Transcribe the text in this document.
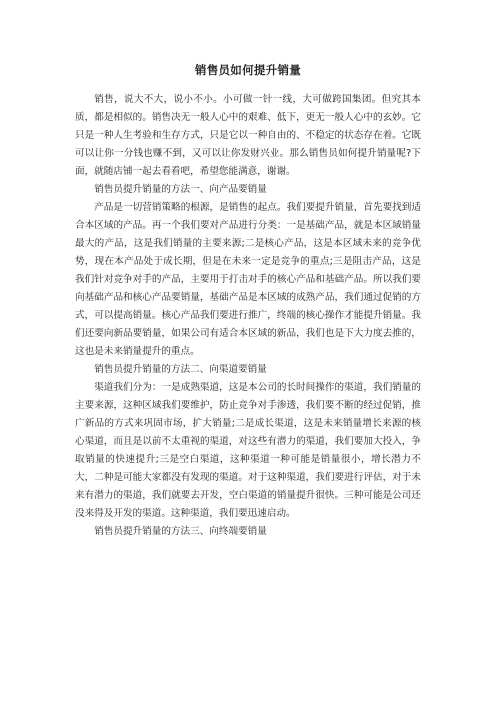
销售员如何提升销量

销售，说大不大，说小不小。小可做一针一线，大可做跨国集团。但究其本质，都是相似的。销售决无一般人心中的艰难、低下，更无一般人心中的玄妙。它只是一种人生考验和生存方式，只是它以一种自由的、不稳定的状态存在着。它既可以让你一分钱也赚不到，又可以让你发财兴业。那么销售员如何提升销量呢?下面，就随店铺一起去看看吧，希望您能满意，谢谢。

销售员提升销量的方法一、向产品要销量

产品是一切营销策略的根源，是销售的起点。我们要提升销量，首先要找到适合本区域的产品。再一个我们要对产品进行分类：一是基础产品，就是本区域销量最大的产品，这是我们销量的主要来源;二是核心产品，这是本区域未来的竞争优势，现在本产品处于成长期，但是在未来一定是竞争的重点;三是阻击产品，这是我们针对竞争对手的产品，主要用于打击对手的核心产品和基础产品。所以我们要向基础产品和核心产品要销量，基础产品是本区域的成熟产品，我们通过促销的方式，可以提高销量。核心产品我们要进行推广，终端的核心操作才能提升销量。我们还要向新品要销量，如果公司有适合本区域的新品，我们也是下大力度去推的，这也是未来销量提升的重点。

销售员提升销量的方法二、向渠道要销量

渠道我们分为：一是成熟渠道，这是本公司的长时间操作的渠道，我们销量的主要来源，这种区域我们要维护，防止竞争对手渗透，我们要不断的经过促销，推广新品的方式来巩固市场，扩大销量;二是成长渠道，这是未来销量增长来源的核心渠道，而且是以前不太重视的渠道，对这些有潜力的渠道，我们要加大投入，争取销量的快速提升;三是空白渠道，这种渠道一种可能是销量很小，增长潜力不大，二种是可能大家都没有发现的渠道。对于这种渠道，我们要进行评估，对于未来有潜力的渠道，我们就要去开发，空白渠道的销量提升很快。三种可能是公司还没来得及开发的渠道。这种渠道，我们要迅速启动。

销售员提升销量的方法三、向终端要销量
